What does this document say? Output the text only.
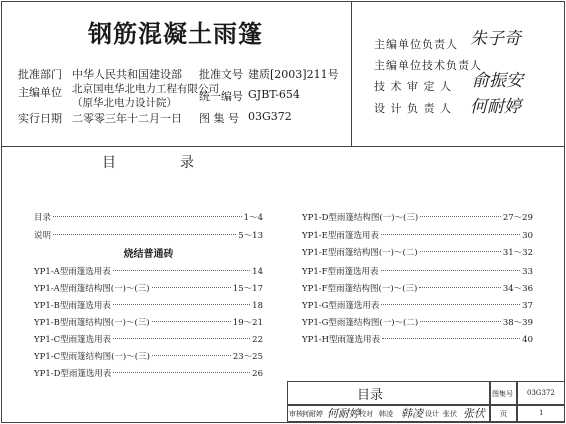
钢筋混凝土雨篷
批准部门 中华人民共和国建设部
主编单位 北京国电华北电力工程有限公司
（原华北电力设计院）
实行日期 二零零三年十二月一日
批准文号 建质[2003]211号
统一编号 GJBT-654
图 集 号 03G372
主编单位负责人 朱子奇
主编单位技术负责人
技 术 审 定 人 俞振安
设 计 负 责 人 何耐婷
目	录
目录	1～4
说明	5～13
烧结普通砖
YP1-A型雨篷选用表	14
YP1-A型雨篷结构图(一)～(三)	15～17
YP1-B型雨篷选用表	18
YP1-B型雨篷结构图(一)～(三)	19～21
YP1-C型雨篷选用表	22
YP1-C型雨篷结构图(一)～(三)	23～25
YP1-D型雨篷选用表	26
YP1-D型雨篷结构图(一)～(三)	27～29
YP1-E型雨篷选用表	30
YP1-E型雨篷结构图(一)～(二)	31～32
YP1-F型雨篷选用表	33
YP1-F型雨篷结构图(一)～(三)	34～36
YP1-G型雨篷选用表	37
YP1-G型雨篷结构图(一)～(二)	38～39
YP1-H型雨篷选用表	40
目录	图集号 03G372
审核 何耐婷 何耐婷 校对 韩凌 韩凌 设计 张伏 张伏 页	1
